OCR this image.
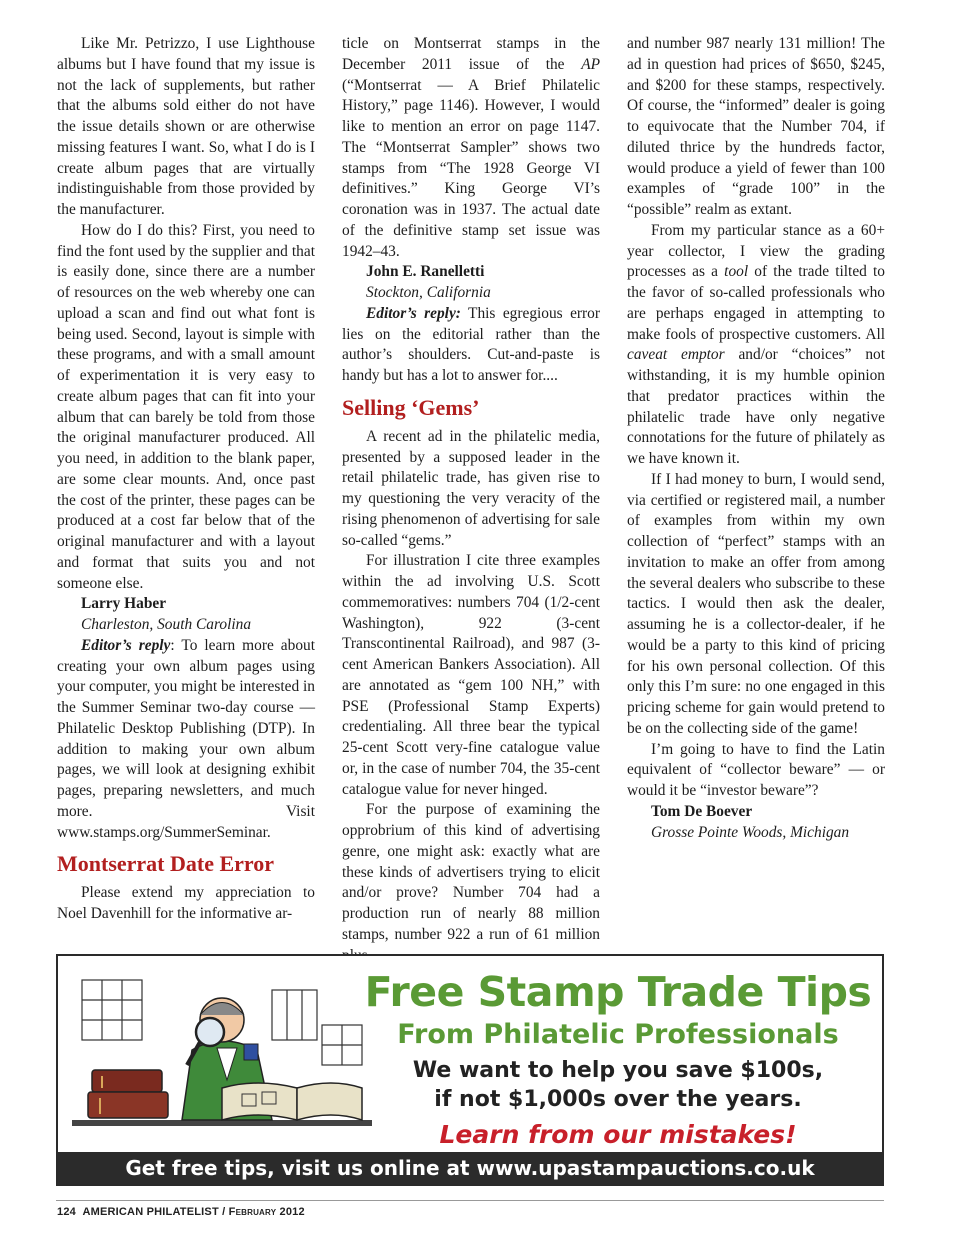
Like Mr. Petrizzo, I use Lighthouse albums but I have found that my issue is not the lack of supplements, but rather that the albums sold either do not have the issue details shown or are otherwise missing features I want. So, what I do is I create album pages that are virtually indistinguishable from those provided by the manufacturer.

How do I do this? First, you need to find the font used by the supplier and that is easily done, since there are a number of resources on the web whereby one can upload a scan and find out what font is being used. Second, layout is simple with these programs, and with a small amount of experimentation it is very easy to create album pages that can fit into your album that can barely be told from those the original manufacturer produced. All you need, in addition to the blank paper, are some clear mounts. And, once past the cost of the printer, these pages can be produced at a cost far below that of the original manufacturer and with a layout and format that suits you and not someone else.

Larry Haber

Charleston, South Carolina

Editor’s reply: To learn more about creating your own album pages using your computer, you might be interested in the Summer Seminar two-day course — Philatelic Desktop Publishing (DTP). In addition to making your own album pages, we will look at designing exhibit pages, preparing newsletters, and much more. Visit www.stamps.org/SummerSeminar.

Montserrat Date Error

Please extend my appreciation to Noel Davenhill for the informative ar-

ticle on Montserrat stamps in the December 2011 issue of the AP (“Montserrat — A Brief Philatelic History,” page 1146). However, I would like to mention an error on page 1147. The “Montserrat Sampler” shows two stamps from “The 1928 George VI definitives.” King George VI’s coronation was in 1937. The actual date of the definitive stamp set issue was 1942–43.

John E. Ranelletti

Stockton, California

Editor’s reply: This egregious error lies on the editorial rather than the author’s shoulders. Cut-and-paste is handy but has a lot to answer for....

Selling ‘Gems’

A recent ad in the philatelic media, presented by a supposed leader in the retail philatelic trade, has given rise to my questioning the very veracity of the rising phenomenon of advertising for sale so-called “gems.”

For illustration I cite three examples within the ad involving U.S. Scott commemoratives: numbers 704 (1/2-cent Washington), 922 (3-cent Transcontinental Railroad), and 987 (3-cent American Bankers Association). All are annotated as “gem 100 NH,” with PSE (Professional Stamp Experts) credentialing. All three bear the typical 25-cent Scott very-fine catalogue value or, in the case of number 704, the 35-cent catalogue value for never hinged.

For the purpose of examining the opprobrium of this kind of advertising genre, one might ask: exactly what are these kinds of advertisers trying to elicit and/or prove? Number 704 had a production run of nearly 88 million stamps, number 922 a run of 61 million

and number 987 nearly 131 million! The ad in question had prices of $650, $245, and $200 for these stamps, respectively. Of course, the “informed” dealer is going to equivocate that the Number 704, if diluted thrice by the hundreds factor, would produce a yield of fewer than 100 examples of “grade 100” in the “possible” realm as extant.

From my particular stance as a 60+ year collector, I view the grading processes as a tool of the trade tilted to the favor of so-called professionals who are perhaps engaged in attempting to make fools of prospective customers. All caveat emptor and/or “choices” not withstanding, it is my humble opinion that predator practices within the philatelic trade have only negative connotations for the future of philately as we have known it.

If I had money to burn, I would send, via certified or registered mail, a number of examples from within my own collection of “perfect” stamps with an invitation to make an offer from among the several dealers who subscribe to these tactics. I would then ask the dealer, assuming he is a collector-dealer, if he would be a party to this kind of pricing for his own personal collection. Of this only this I’m sure: no one engaged in this pricing scheme for gain would pretend to be on the collecting side of the game!

I’m going to have to find the Latin equivalent of “collector beware” — or would it be “investor beware”?

Tom De Boever

Grosse Pointe Woods, Michigan

Free Stamp Trade Tips
From Philatelic Professionals
We want to help you save $100s,
if not $1,000s over the years.
Learn from our mistakes!
Get free tips, visit us online at www.upastampauctions.co.uk
124 AMERICAN PHILATELIST / February 2012
